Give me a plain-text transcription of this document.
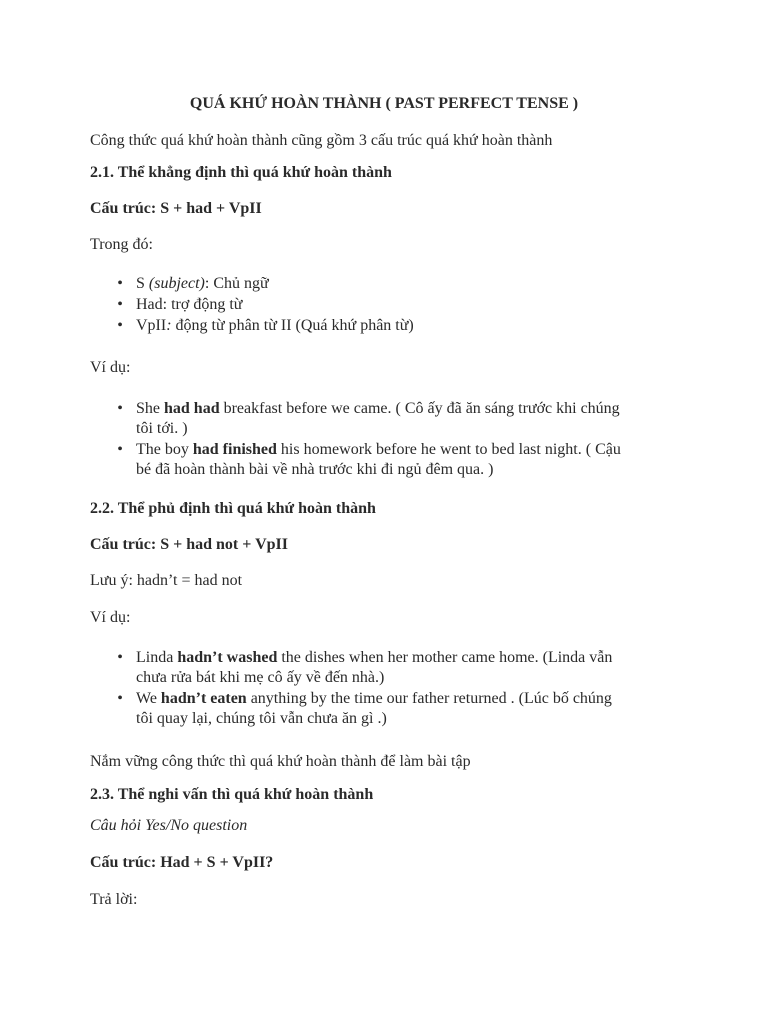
QUÁ KHỨ HOÀN THÀNH ( PAST PERFECT TENSE )
Công thức quá khứ hoàn thành cũng gồm 3 cấu trúc quá khứ hoàn thành
2.1. Thể khẳng định thì quá khứ hoàn thành
Cấu trúc: S + had + VpII
Trong đó:
• S (subject): Chủ ngữ
• Had: trợ động từ
• VpII: động từ phân từ II (Quá khứ phân từ)
Ví dụ:
• She had had breakfast before we came. ( Cô ấy đã ăn sáng trước khi chúng
tôi tới. )
• The boy had finished his homework before he went to bed last night. ( Cậu
bé đã hoàn thành bài về nhà trước khi đi ngủ đêm qua. )
2.2. Thể phủ định thì quá khứ hoàn thành
Cấu trúc: S + had not + VpII
Lưu ý: hadn’t = had not
Ví dụ:
• Linda hadn’t washed the dishes when her mother came home. (Linda vẫn
chưa rửa bát khi mẹ cô ấy về đến nhà.)
• We hadn’t eaten anything by the time our father returned . (Lúc bố chúng
tôi quay lại, chúng tôi vẫn chưa ăn gì .)
Nắm vững công thức thì quá khứ hoàn thành để làm bài tập
2.3. Thể nghi vấn thì quá khứ hoàn thành
Câu hỏi Yes/No question
Cấu trúc: Had + S + VpII?
Trả lời:
